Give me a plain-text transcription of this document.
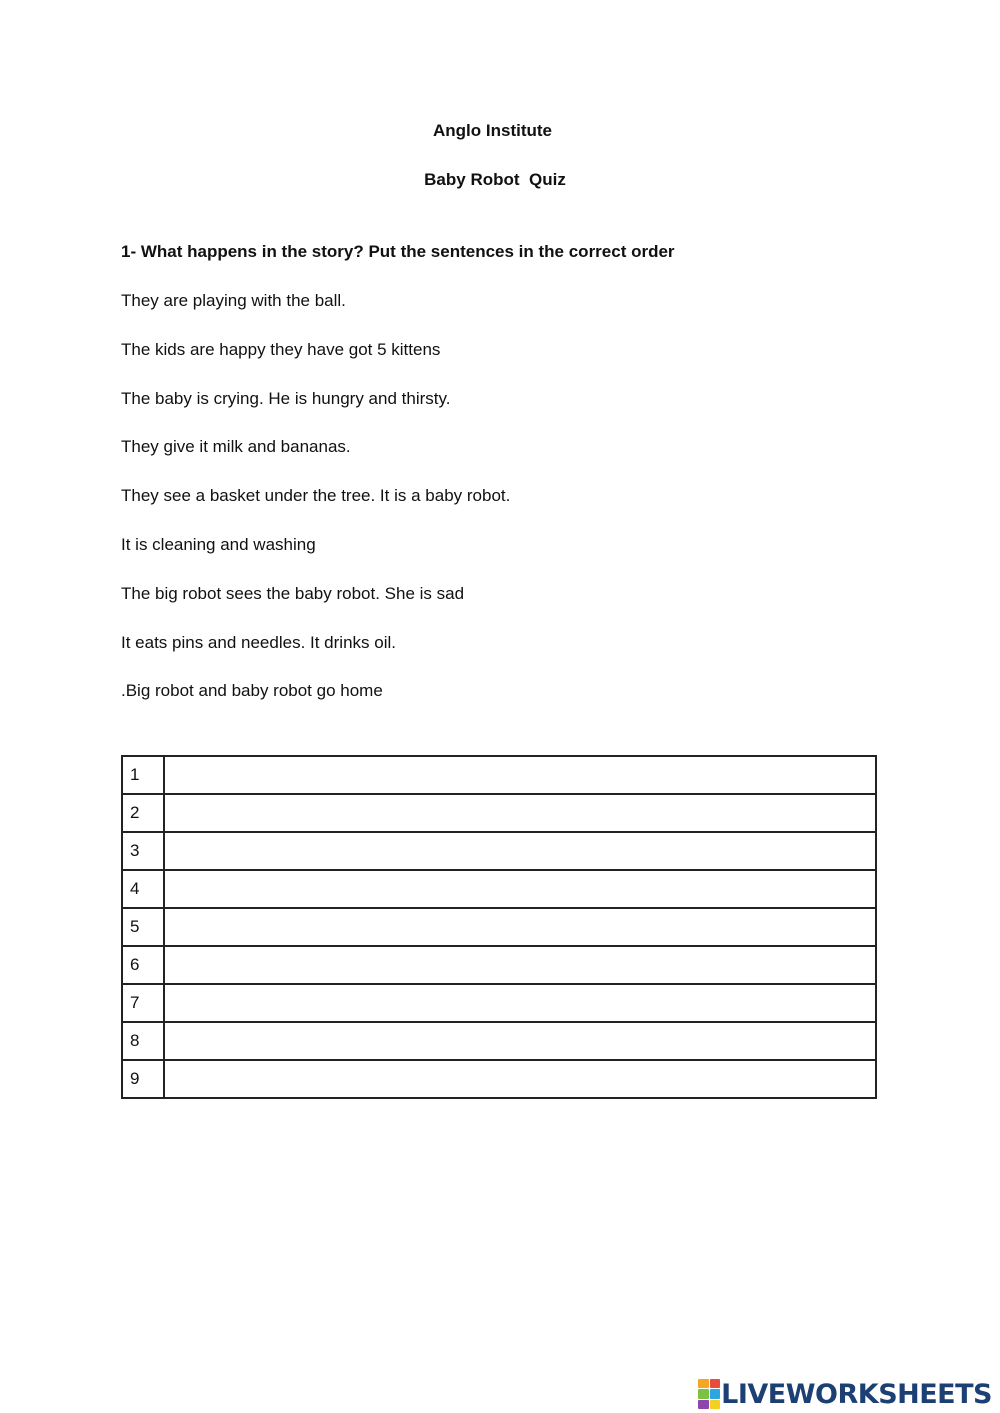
Anglo Institute
Baby Robot  Quiz
1- What happens in the story? Put the sentences in the correct order
They are playing with the ball.
The kids are happy they have got 5 kittens
The baby is crying. He is hungry and thirsty.
They give it milk and bananas.
They see a basket under the tree. It is a baby robot.
It is cleaning and washing
The big robot sees the baby robot. She is sad
It eats pins and needles. It drinks oil.
.Big robot and baby robot go home
1	
2	
3	
4	
5	
6	
7	
8	
9	
LIVEWORKSHEETS
